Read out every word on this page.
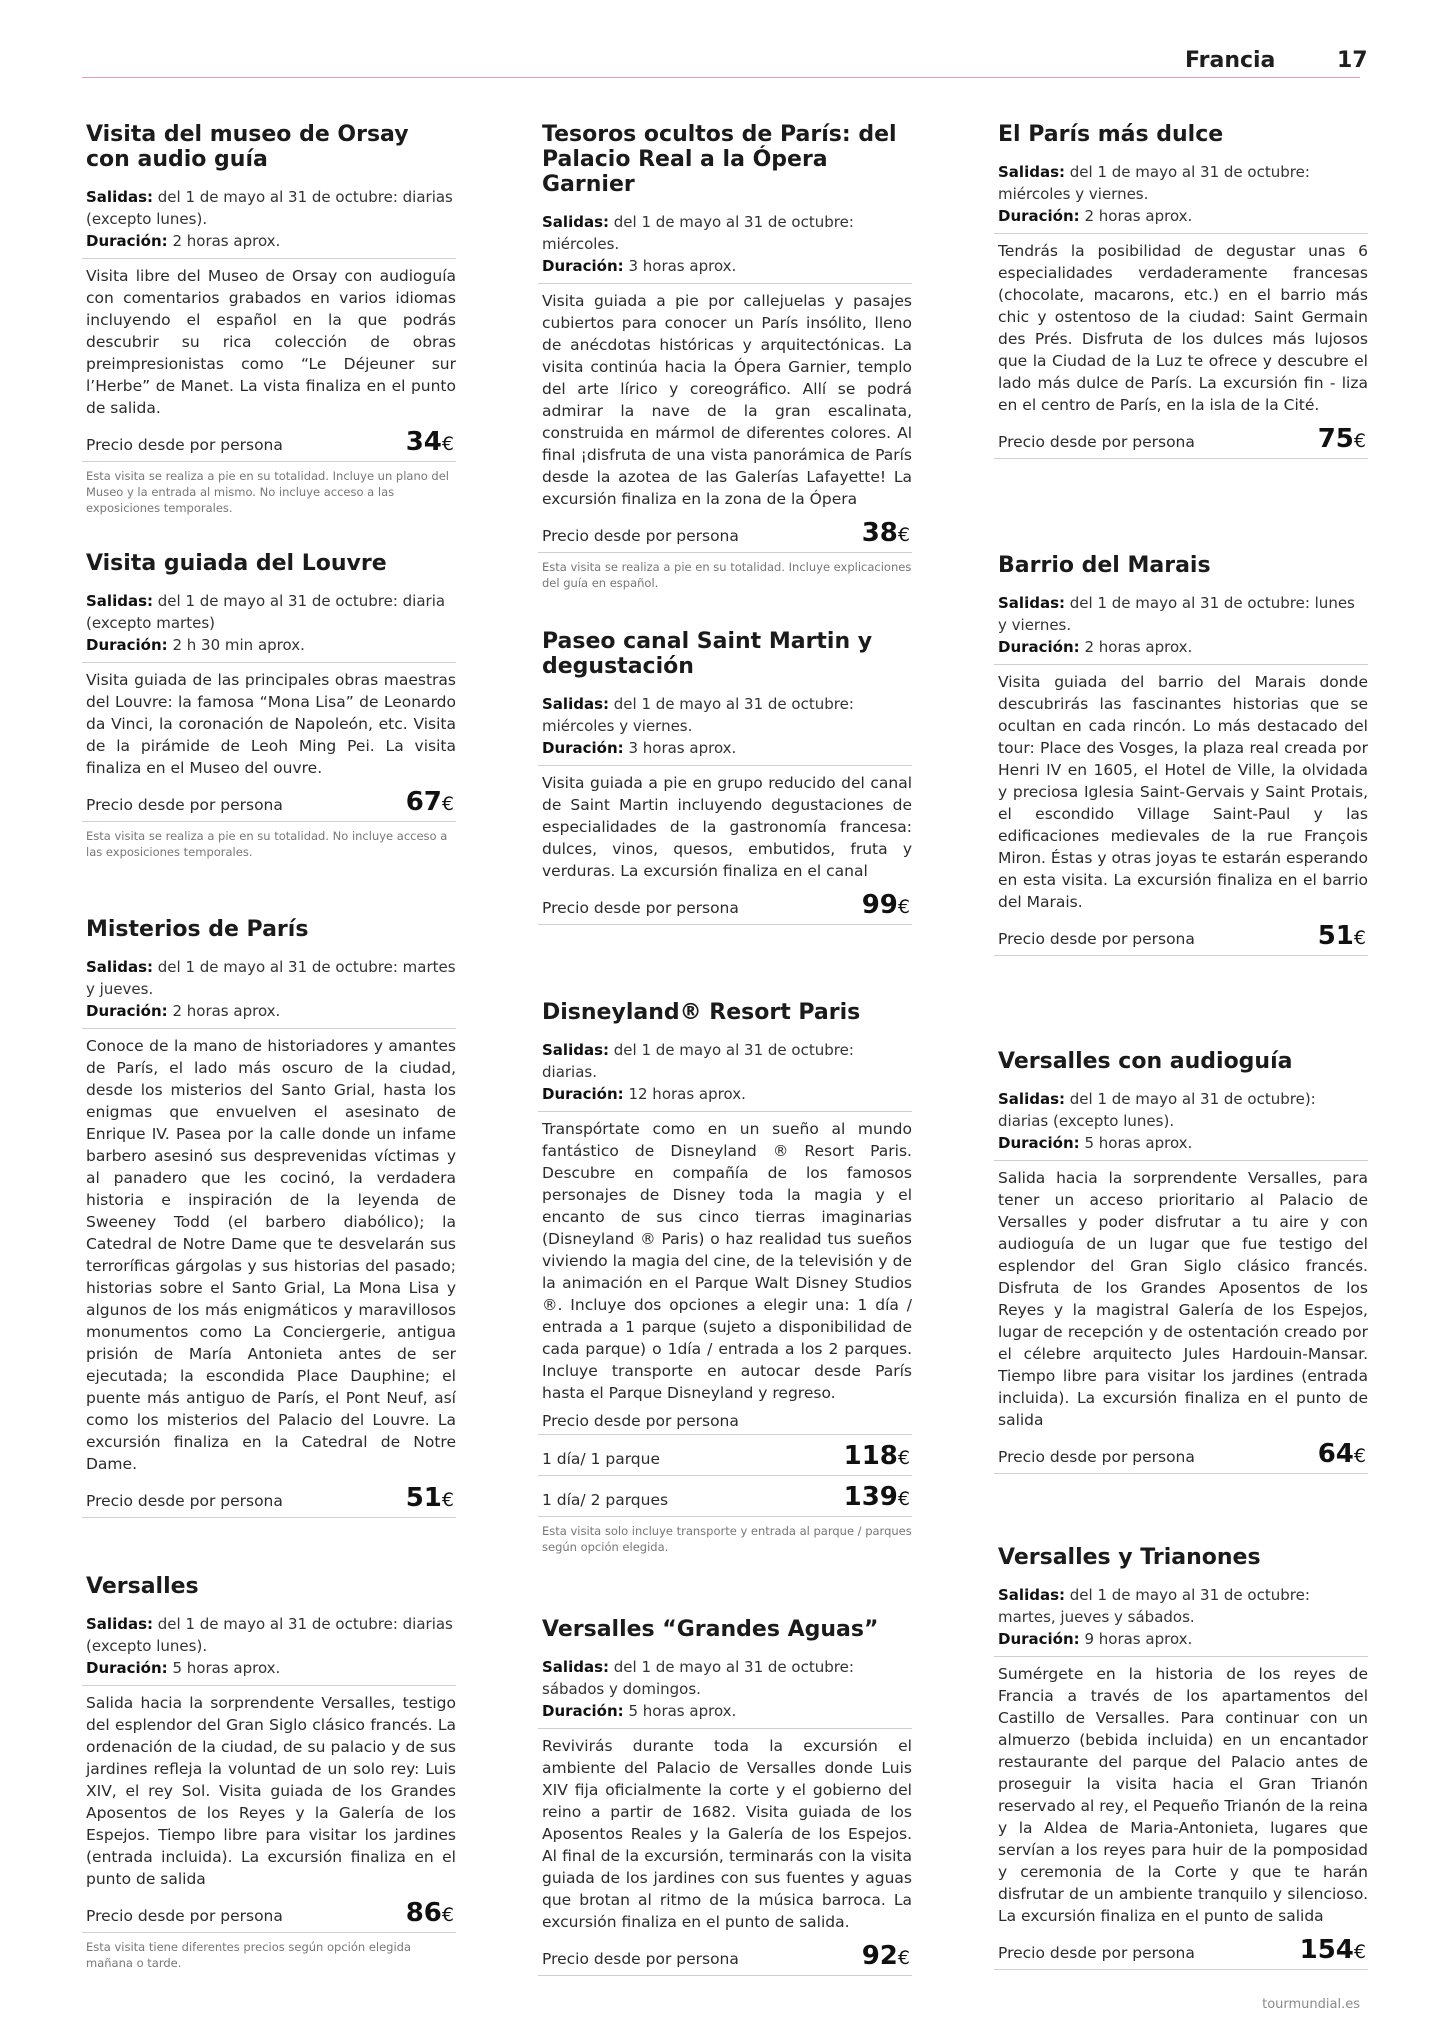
Francia	17
Visita del museo de Orsay con audio guía

Salidas: del 1 de mayo al 31 de octubre: diarias (excepto lunes).

Duración: 2 horas aprox.

Visita libre del Museo de Orsay con audioguía con comentarios grabados en varios idiomas incluyendo el español en la que podrás descubrir su rica colección de obras preimpresionistas como “Le Déjeuner sur l’Herbe” de Manet. La vista finaliza en el punto de salida.

Precio desde por persona	34€

Esta visita se realiza a pie en su totalidad. Incluye un plano del Museo y la entrada al mismo. No incluye acceso a las exposiciones temporales.

Visita guiada del Louvre

Salidas: del 1 de mayo al 31 de octubre: diaria (excepto martes)

Duración: 2 h 30 min aprox.

Visita guiada de las principales obras maestras del Louvre: la famosa “Mona Lisa” de Leonardo da Vinci, la coronación de Napoleón, etc. Visita de la pirámide de Leoh Ming Pei. La visita finaliza en el Museo del ouvre.

Precio desde por persona	67€

Esta visita se realiza a pie en su totalidad. No incluye acceso a las exposiciones temporales.

Misterios de París

Salidas: del 1 de mayo al 31 de octubre: martes y jueves.

Duración: 2 horas aprox.

Conoce de la mano de historiadores y amantes de París, el lado más oscuro de la ciudad, desde los misterios del Santo Grial, hasta los enigmas que envuelven el asesinato de Enrique IV. Pasea por la calle donde un infame barbero asesinó sus desprevenidas víctimas y al panadero que les cocinó, la verdadera historia e inspiración de la leyenda de Sweeney Todd (el barbero diabólico); la Catedral de Notre Dame que te desvelarán sus terroríficas gárgolas y sus historias del pasado; historias sobre el Santo Grial, La Mona Lisa y algunos de los más enigmáticos y maravillosos monumentos como La Conciergerie, antigua prisión de María Antonieta antes de ser ejecutada; la escondida Place Dauphine; el puente más antiguo de París, el Pont Neuf, así como los misterios del Palacio del Louvre. La excursión finaliza en la Catedral de Notre Dame.

Precio desde por persona	51€
Versalles

Salidas: del 1 de mayo al 31 de octubre: diarias (excepto lunes).

Duración: 5 horas aprox.

Salida hacia la sorprendente Versalles, testigo del esplendor del Gran Siglo clásico francés. La ordenación de la ciudad, de su palacio y de sus jardines refleja la voluntad de un solo rey: Luis XIV, el rey Sol. Visita guiada de los Grandes Aposentos de los Reyes y la Galería de los Espejos. Tiempo libre para visitar los jardines (entrada incluida). La excursión finaliza en el punto de salida

Precio desde por persona	86€

Esta visita tiene diferentes precios según opción elegida mañana o tarde.

Tesoros ocultos de París: del Palacio Real a la Ópera Garnier

Salidas: del 1 de mayo al 31 de octubre: miércoles.

Duración: 3 horas aprox.

Visita guiada a pie por callejuelas y pasajes cubiertos para conocer un París insólito, lleno de anécdotas históricas y arquitectónicas. La visita continúa hacia la Ópera Garnier, templo del arte lírico y coreográfico. Allí se podrá admirar la nave de la gran escalinata, construida en mármol de diferentes colores. Al final ¡disfruta de una vista panorámica de París desde la azotea de las Galerías Lafayette! La excursión finaliza en la zona de la Ópera

Precio desde por persona	38€

Esta visita se realiza a pie en su totalidad. Incluye explicaciones del guía en español.

Paseo canal Saint Martin y degustación

Salidas: del 1 de mayo al 31 de octubre: miércoles y viernes.

Duración: 3 horas aprox.

Visita guiada a pie en grupo reducido del canal de Saint Martin incluyendo degustaciones de especialidades de la gastronomía francesa: dulces, vinos, quesos, embutidos, fruta y verduras. La excursión finaliza en el canal

Precio desde por persona	99€
Disneyland® Resort Paris

Salidas: del 1 de mayo al 31 de octubre: diarias.

Duración: 12 horas aprox.

Transpórtate como en un sueño al mundo fantástico de Disneyland ® Resort Paris. Descubre en compañía de los famosos personajes de Disney toda la magia y el encanto de sus cinco tierras imaginarias (Disneyland ® Paris) o haz realidad tus sueños viviendo la magia del cine, de la televisión y de la animación en el Parque Walt Disney Studios ®. Incluye dos opciones a elegir una: 1 día / entrada a 1 parque (sujeto a disponibilidad de cada parque) o 1día / entrada a los 2 parques. Incluye transporte en autocar desde París hasta el Parque Disneyland y regreso.

Precio desde por persona
1 día/ 1 parque	118€
1 día/ 2 parques	139€

Esta visita solo incluye transporte y entrada al parque / parques según opción elegida.

Versalles “Grandes Aguas”

Salidas: del 1 de mayo al 31 de octubre: sábados y domingos.

Duración: 5 horas aprox.

Revivirás durante toda la excursión el ambiente del Palacio de Versalles donde Luis XIV fija oficialmente la corte y el gobierno del reino a partir de 1682. Visita guiada de los Aposentos Reales y la Galería de los Espejos. Al final de la excursión, terminarás con la visita guiada de los jardines con sus fuentes y aguas que brotan al ritmo de la música barroca. La excursión finaliza en el punto de salida.

Precio desde por persona	92€
El París más dulce

Salidas: del 1 de mayo al 31 de octubre: miércoles y viernes.

Duración: 2 horas aprox.

Tendrás la posibilidad de degustar unas 6 especialidades verdaderamente francesas (chocolate, macarons, etc.) en el barrio más chic y ostentoso de la ciudad: Saint Germain des Prés. Disfruta de los dulces más lujosos que la Ciudad de la Luz te ofrece y descubre el lado más dulce de París. La excursión fin - liza en el centro de París, en la isla de la Cité.

Precio desde por persona	75€
Barrio del Marais

Salidas: del 1 de mayo al 31 de octubre: lunes y viernes.

Duración: 2 horas aprox.

Visita guiada del barrio del Marais donde descubrirás las fascinantes historias que se ocultan en cada rincón. Lo más destacado del tour: Place des Vosges, la plaza real creada por Henri IV en 1605, el Hotel de Ville, la olvidada y preciosa Iglesia Saint-Gervais y Saint Protais, el escondido Village Saint-Paul y las edificaciones medievales de la rue François Miron. Éstas y otras joyas te estarán esperando en esta visita. La excursión finaliza en el barrio del Marais.

Precio desde por persona	51€
Versalles con audioguía

Salidas: del 1 de mayo al 31 de octubre): diarias (excepto lunes).

Duración: 5 horas aprox.

Salida hacia la sorprendente Versalles, para tener un acceso prioritario al Palacio de Versalles y poder disfrutar a tu aire y con audioguía de un lugar que fue testigo del esplendor del Gran Siglo clásico francés. Disfruta de los Grandes Aposentos de los Reyes y la magistral Galería de los Espejos, lugar de recepción y de ostentación creado por el célebre arquitecto Jules Hardouin-Mansar. Tiempo libre para visitar los jardines (entrada incluida). La excursión finaliza en el punto de salida

Precio desde por persona	64€
Versalles y Trianones

Salidas: del 1 de mayo al 31 de octubre: martes, jueves y sábados.

Duración: 9 horas aprox.

Sumérgete en la historia de los reyes de Francia a través de los apartamentos del Castillo de Versalles. Para continuar con un almuerzo (bebida incluida) en un encantador restaurante del parque del Palacio antes de proseguir la visita hacia el Gran Trianón reservado al rey, el Pequeño Trianón de la reina y la Aldea de Maria-Antonieta, lugares que servían a los reyes para huir de la pomposidad y ceremonia de la Corte y que te harán disfrutar de un ambiente tranquilo y silencioso. La excursión finaliza en el punto de salida

Precio desde por persona	154€
tourmundial.es
